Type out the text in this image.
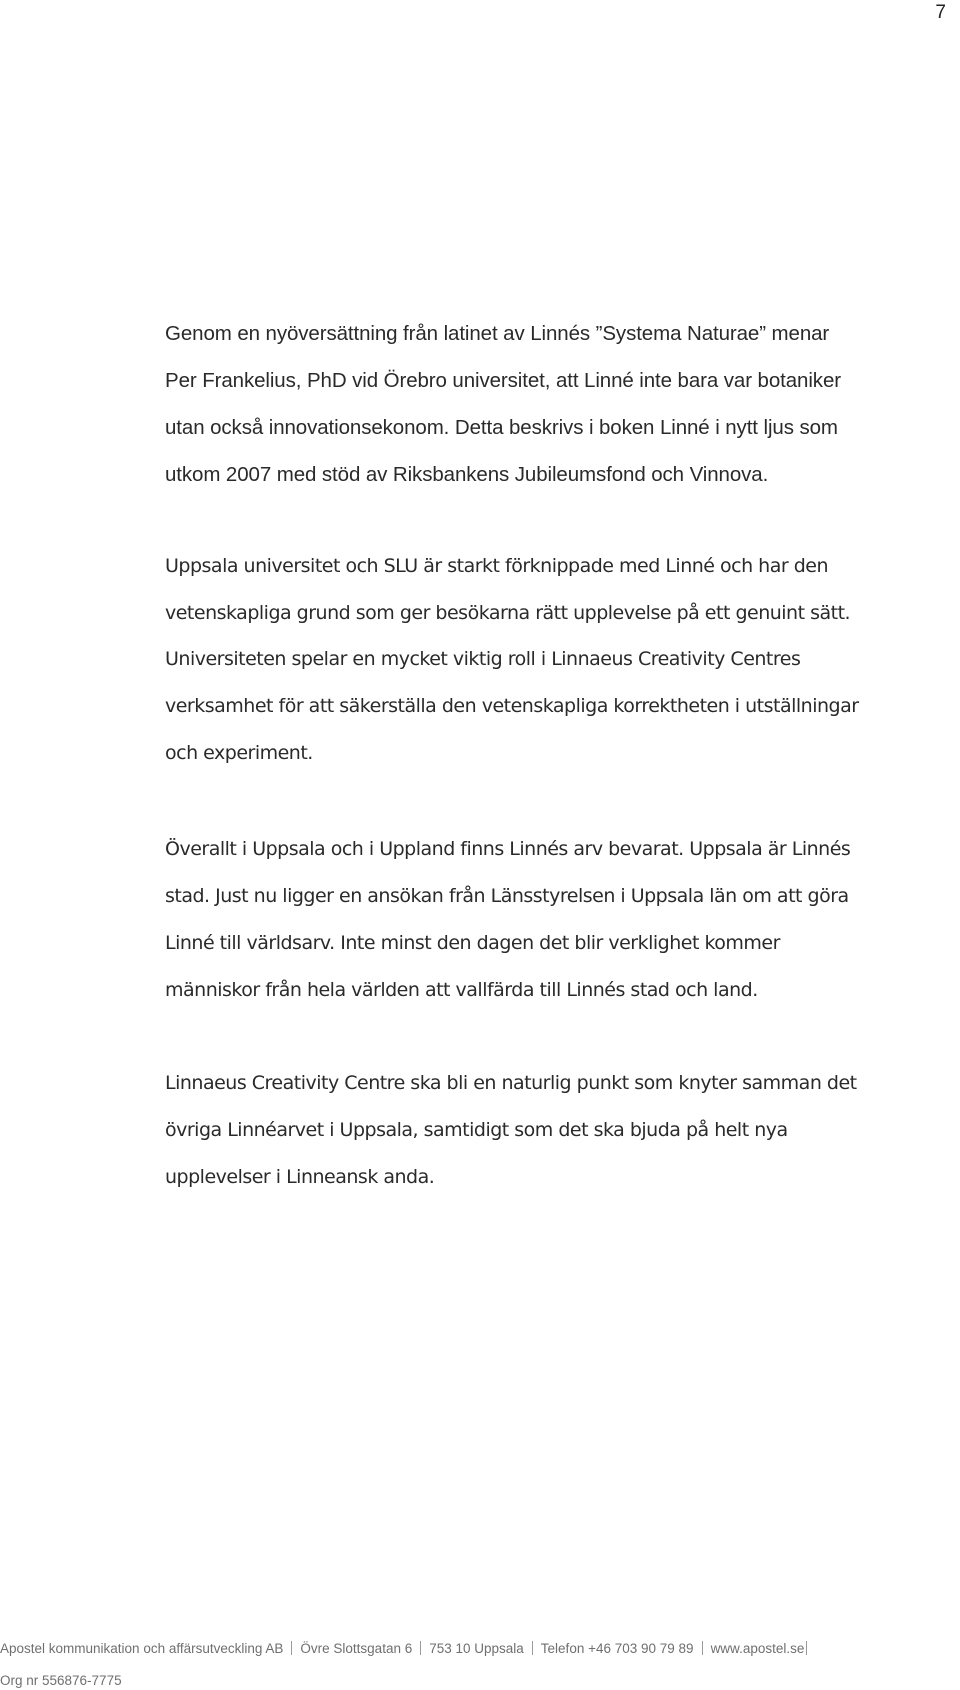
7

Genom en nyöversättning från latinet av Linnés ”Systema Naturae” menar
Per Frankelius, PhD vid Örebro universitet, att Linné inte bara var botaniker
utan också innovationsekonom. Detta beskrivs i boken Linné i nytt ljus som
utkom 2007 med stöd av Riksbankens Jubileumsfond och Vinnova.

Uppsala universitet och SLU är starkt förknippade med Linné och har den
vetenskapliga grund som ger besökarna rätt upplevelse på ett genuint sätt.

Universiteten spelar en mycket viktig roll i Linnaeus Creativity Centres
verksamhet för att säkerställa den vetenskapliga korrektheten i utställningar
och experiment.

Överallt i Uppsala och i Uppland finns Linnés arv bevarat. Uppsala är Linnés
stad. Just nu ligger en ansökan från Länsstyrelsen i Uppsala län om att göra
Linné till världsarv. Inte minst den dagen det blir verklighet kommer
människor från hela världen att vallfärda till Linnés stad och land.

Linnaeus Creativity Centre ska bli en naturlig punkt som knyter samman det
övriga Linnéarvet i Uppsala, samtidigt som det ska bjuda på helt nya
upplevelser i Linneansk anda.

Apostel kommunikation och affärsutveckling AB Övre Slottsgatan 6 753 10 Uppsala Telefon +46 703 90 79 89 www.apostel.se
Org nr 556876-7775
